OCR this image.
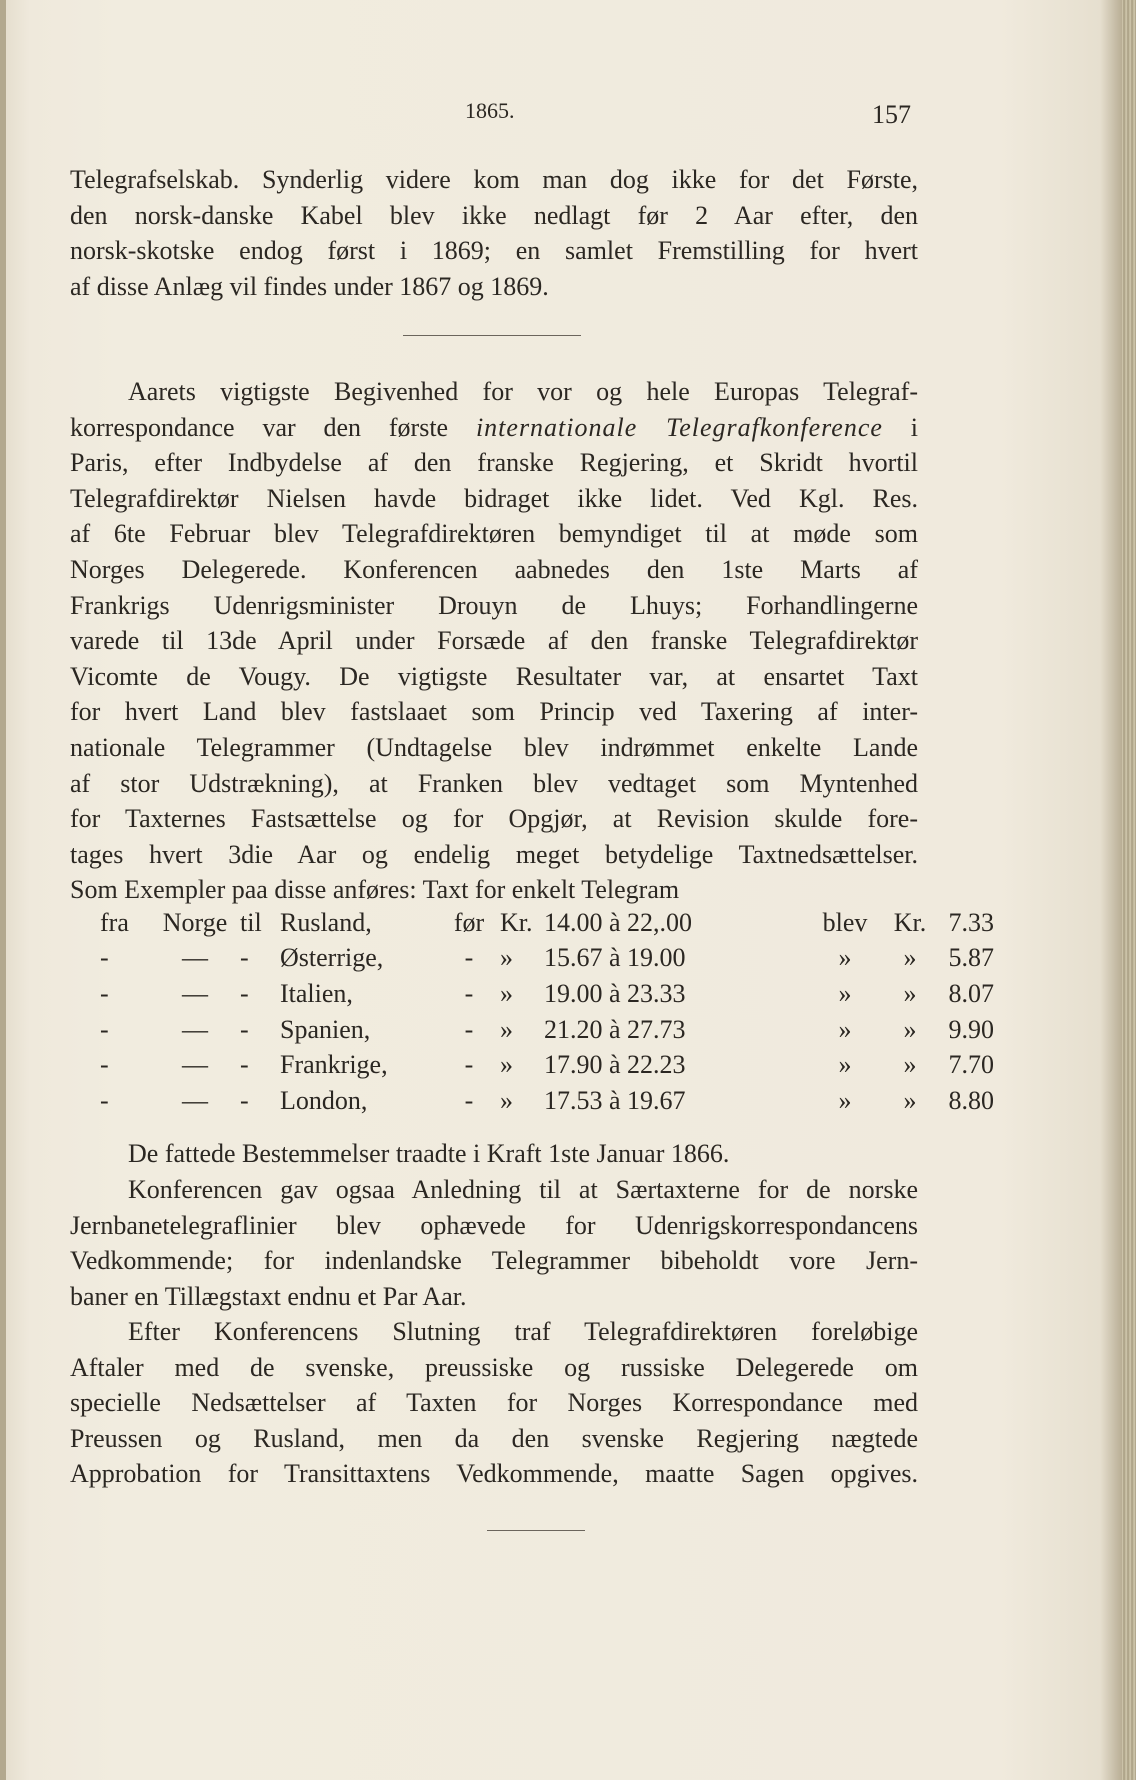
1865.	157
Telegrafselskab. Synderlig videre kom man dog ikke for det Første,
den norsk-danske Kabel blev ikke nedlagt før 2 Aar efter, den
norsk-skotske endog først i 1869; en samlet Fremstilling for hvert
af disse Anlæg vil findes under 1867 og 1869.
Aarets vigtigste Begivenhed for vor og hele Europas Telegraf-
korrespondance var den første internationale Telegrafkonference i
Paris, efter Indbydelse af den franske Regjering, et Skridt hvortil
Telegrafdirektør Nielsen havde bidraget ikke lidet. Ved Kgl. Res.
af 6te Februar blev Telegrafdirektøren bemyndiget til at møde som
Norges Delegerede. Konferencen aabnedes den 1ste Marts af
Frankrigs Udenrigsminister Drouyn de Lhuys; Forhandlingerne
varede til 13de April under Forsæde af den franske Telegrafdirektør
Vicomte de Vougy. De vigtigste Resultater var, at ensartet Taxt
for hvert Land blev fastslaaet som Princip ved Taxering af inter-
nationale Telegrammer (Undtagelse blev indrømmet enkelte Lande
af stor Udstrækning), at Franken blev vedtaget som Myntenhed
for Taxternes Fastsættelse og for Opgjør, at Revision skulde fore-
tages hvert 3die Aar og endelig meget betydelige Taxtnedsættelser.
Som Exempler paa disse anføres: Taxt for enkelt Telegram
fra	Norge	til	Rusland,	før	Kr.	14.00 à 22,.00	blev	Kr.	7.33
-	—	-	Østerrige,	-	»	15.67 à 19.00	»	»	5.87
-	—	-	Italien,	-	»	19.00 à 23.33	»	»	8.07
-	—	-	Spanien,	-	»	21.20 à 27.73	»	»	9.90
-	—	-	Frankrige,	-	»	17.90 à 22.23	»	»	7.70
-	—	-	London,	-	»	17.53 à 19.67	»	»	8.80
De fattede Bestemmelser traadte i Kraft 1ste Januar 1866.
Konferencen gav ogsaa Anledning til at Særtaxterne for de norske
Jernbanetelegraflinier blev ophævede for Udenrigskorrespondancens
Vedkommende; for indenlandske Telegrammer bibeholdt vore Jern-
baner en Tillægstaxt endnu et Par Aar.
Efter Konferencens Slutning traf Telegrafdirektøren foreløbige
Aftaler med de svenske, preussiske og russiske Delegerede om
specielle Nedsættelser af Taxten for Norges Korrespondance med
Preussen og Rusland, men da den svenske Regjering nægtede
Approbation for Transittaxtens Vedkommende, maatte Sagen opgives.
